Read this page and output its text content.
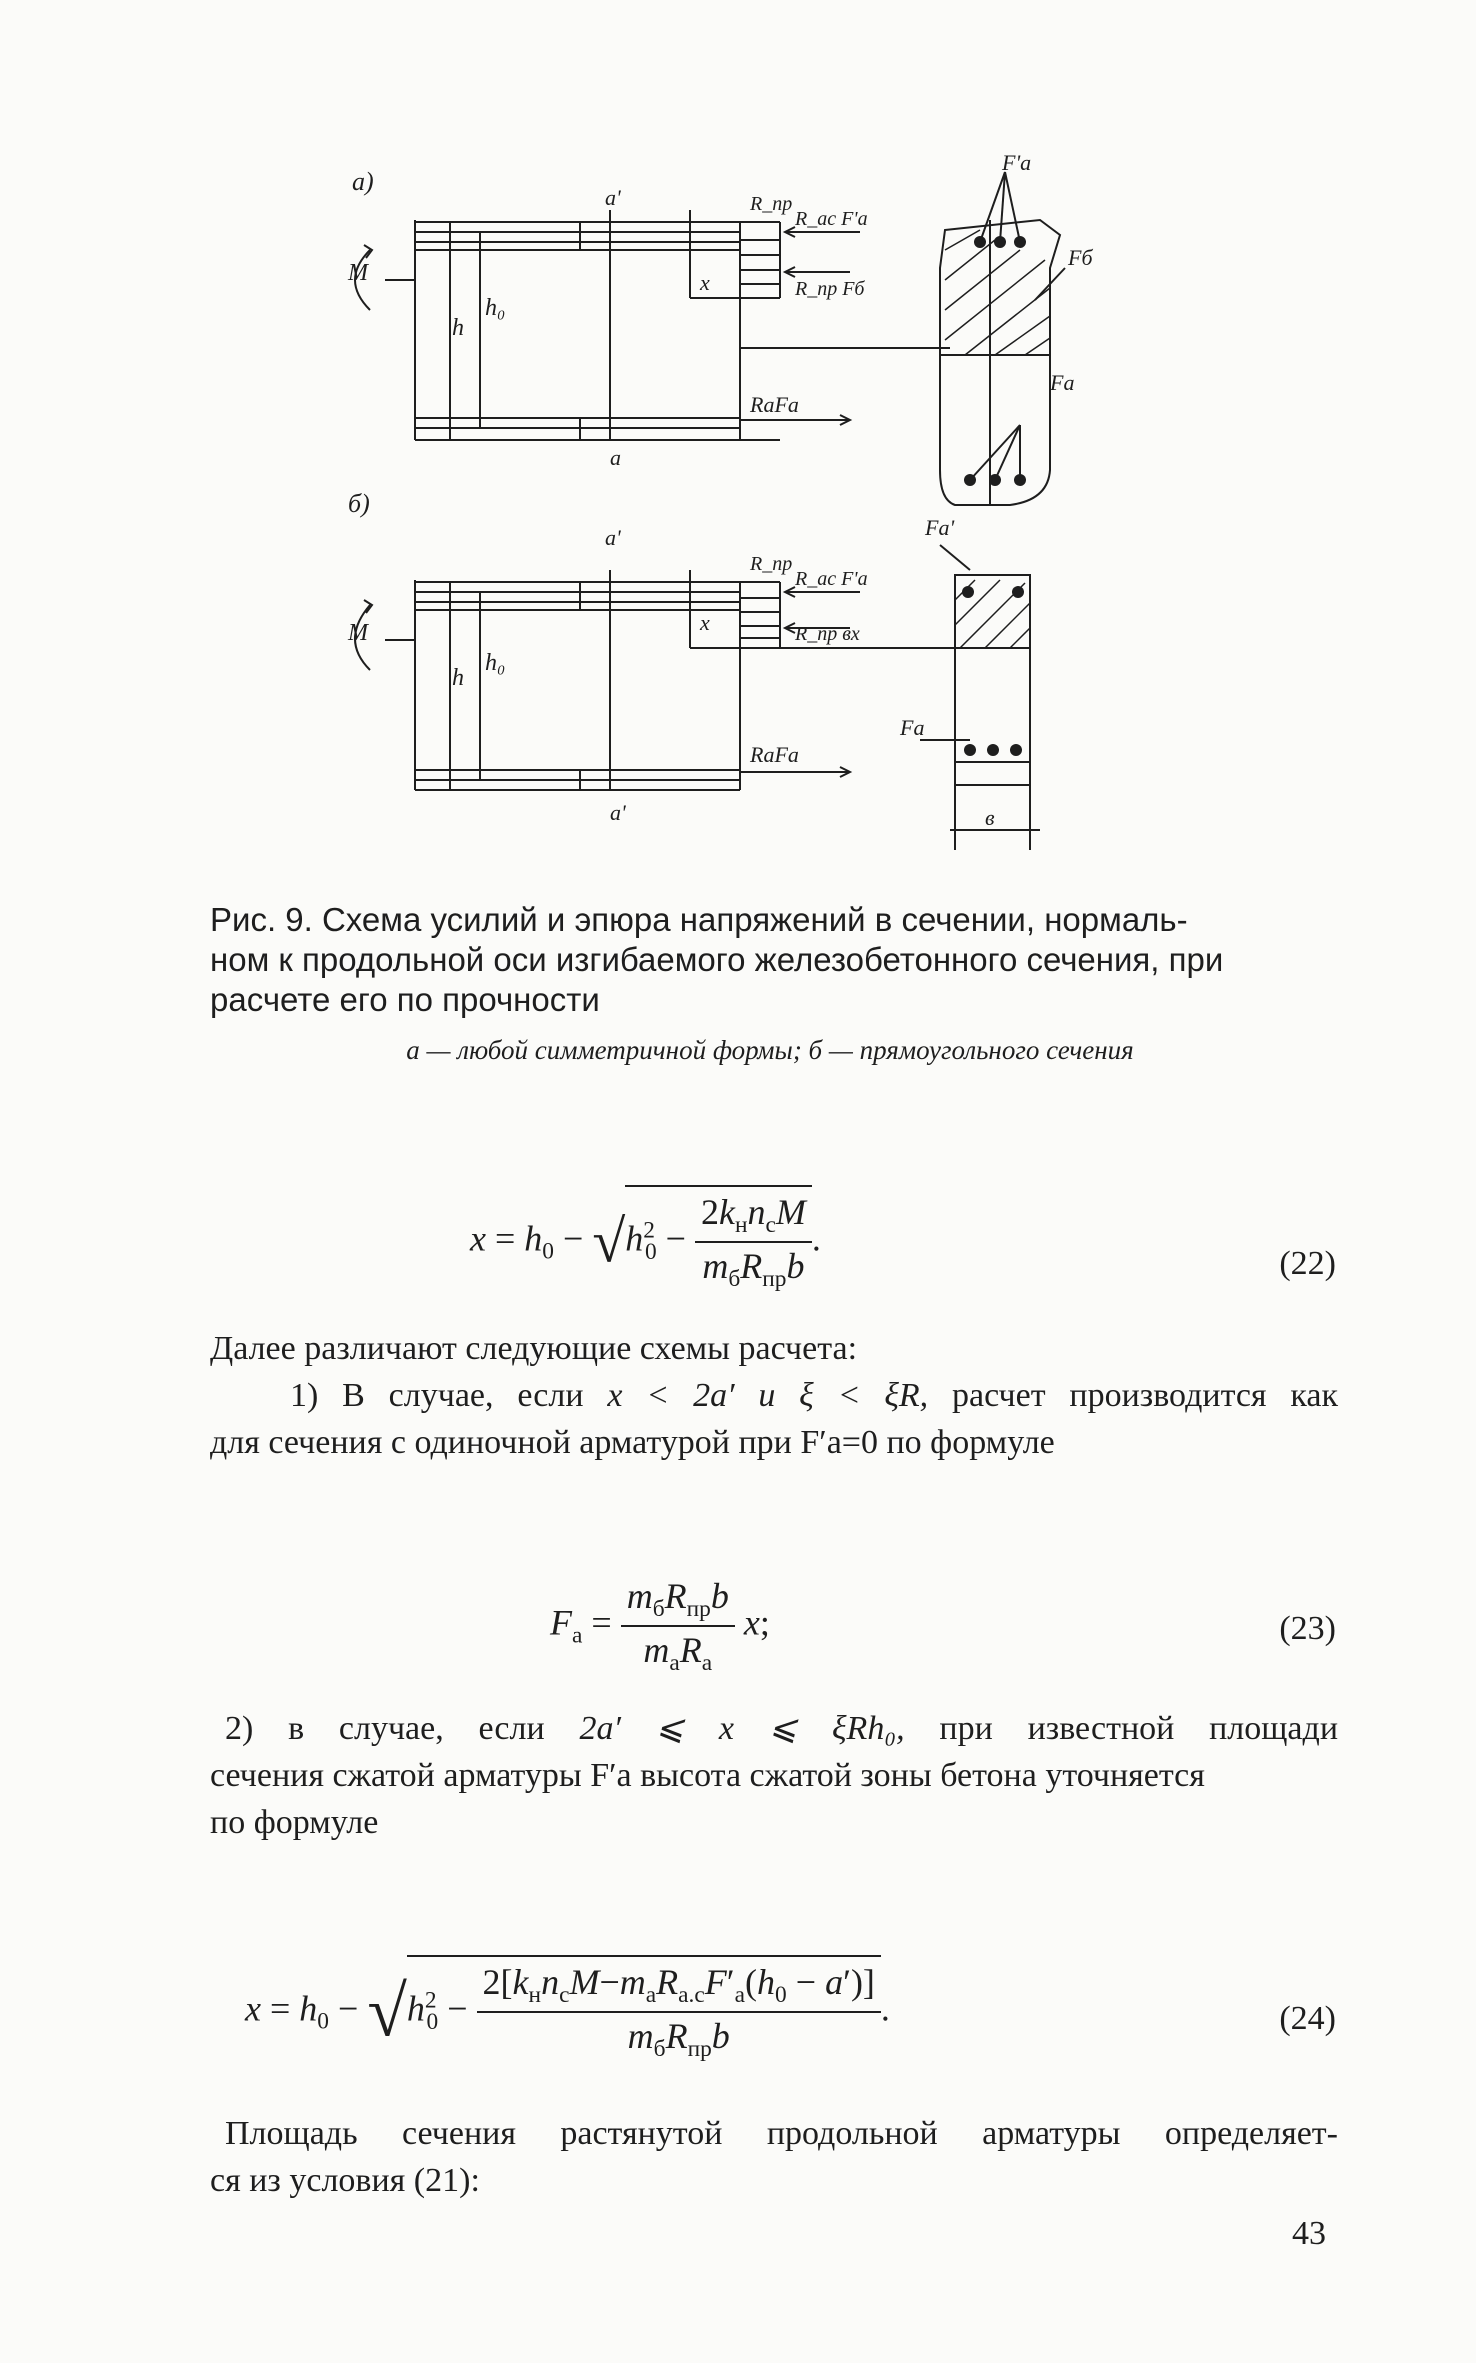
а)
a'
x
h
h₀
M
a
R_пр
R_ac F'a
R_пр Fб
RaFa
F'a
Fб
Fa
б)
a'
x
h
h₀
M
a'
R_пр
R_ac F'a
R_пр вx
RaFa
Fa'
Fa
в
Рис. 9. Схема усилий и эпюра напряжений в сечении, нормаль-
ном к продольной оси изгибаемого железобетонного сечения, при
расчете его по прочности
а — любой симметричной формы; б — прямоугольного сечения
$x = h_0 - √h^2_0 - \frac{2k_нn_cM}{m_бR_{пр}b}$ .
(22)

Далее различают следующие схемы расчета:

1) В случае, если x < 2a′ и ξ < ξR, расчет производится как

для сечения с одиночной арматурой при F′а=0 по формуле

$F_a = \frac{m_бR_{пр}b}{m_aR_a} x$;	(23)

2) в случае, если 2a′ ⩽ x ⩽ ξRh₀, при известной площади

сечения сжатой арматуры F′а высота сжатой зоны бетона уточняется

по формуле

$x = h_0 - √h^2_0 - \frac{2[k_нn_cM-m_aR_{a.c}F'_a(h_0 - a')]}{m_бR_{пр}b}$ .	(24)

Площадь сечения растянутой продольной арматуры определяет-

ся из условия (21):

43
